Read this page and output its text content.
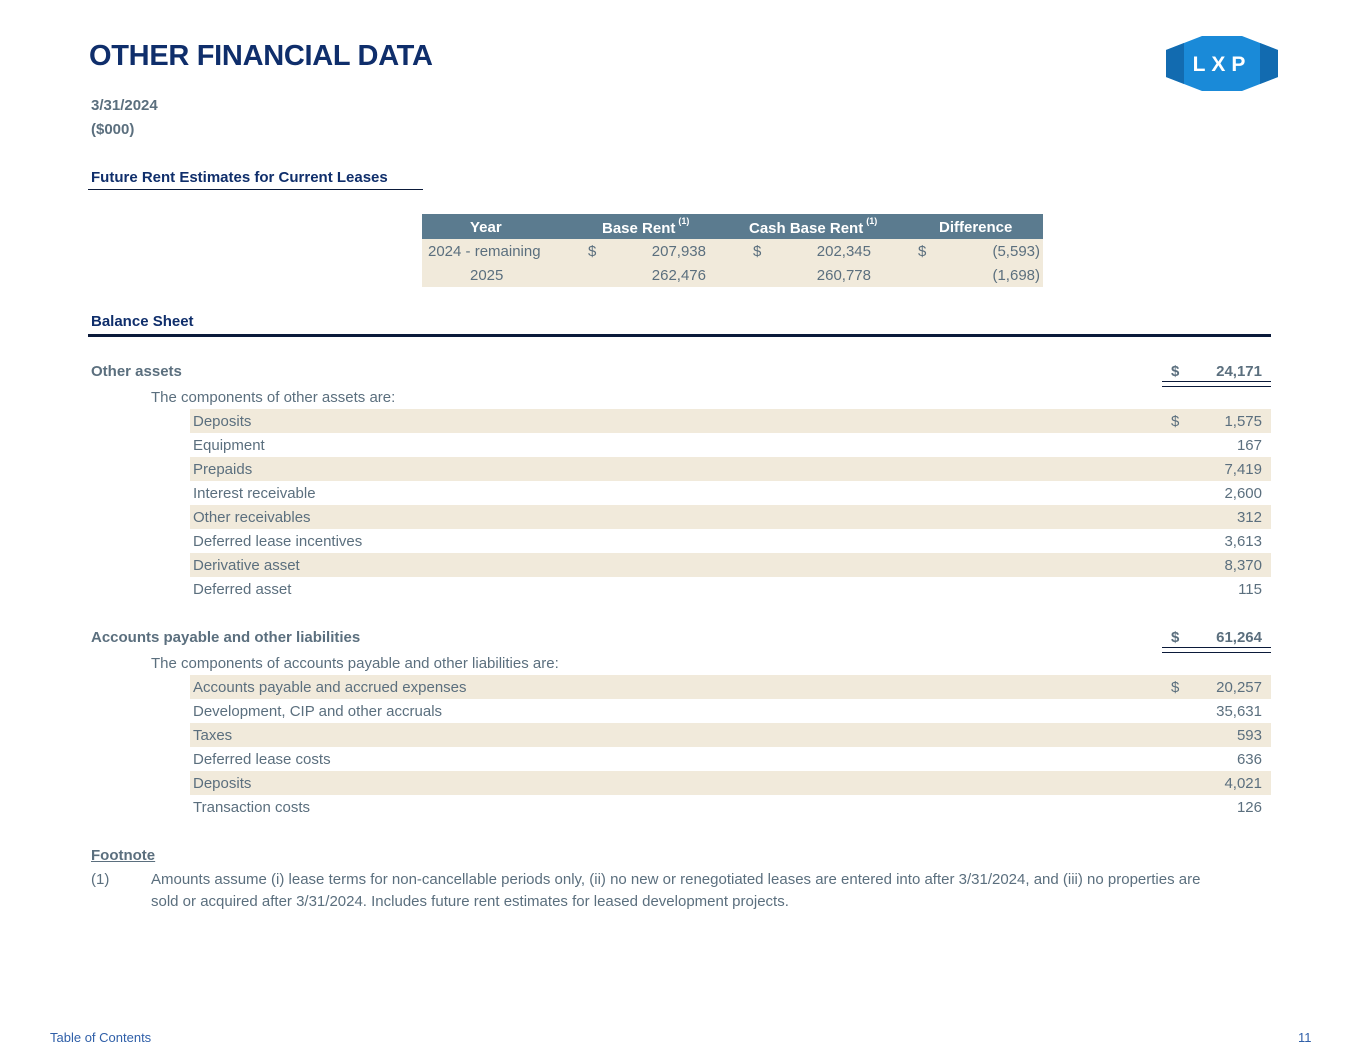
OTHER FINANCIAL DATA	LXP
3/31/2024
($000)
Future Rent Estimates for Current Leases
Year	Base Rent $^{(1)}$	Cash Base Rent $^{(1)}$	Difference
2024 - remaining	$	207,938	$	202,345	$	(5,593)
2025	262,476	260,778	(1,698)
Balance Sheet
Other assets	$ 24,171
The components of other assets are:
Deposits	$	1,575
Equipment	167
Prepaids	7,419
Interest receivable	2,600
Other receivables	312
Deferred lease incentives	3,613
Derivative asset	8,370
Deferred asset	115
Accounts payable and other liabilities	$ 61,264
The components of accounts payable and other liabilities are:
Accounts payable and accrued expenses	$ 20,257
Development, CIP and other accruals	35,631
Taxes	593
Deferred lease costs	636
Deposits	4,021
Transaction costs	126
Footnote
(1)	Amounts assume (i) lease terms for non-cancellable periods only, (ii) no new or renegotiated leases are entered into after 3/31/2024, and (iii) no properties are
sold or acquired after 3/31/2024. Includes future rent estimates for leased development projects.
Table of Contents	11
